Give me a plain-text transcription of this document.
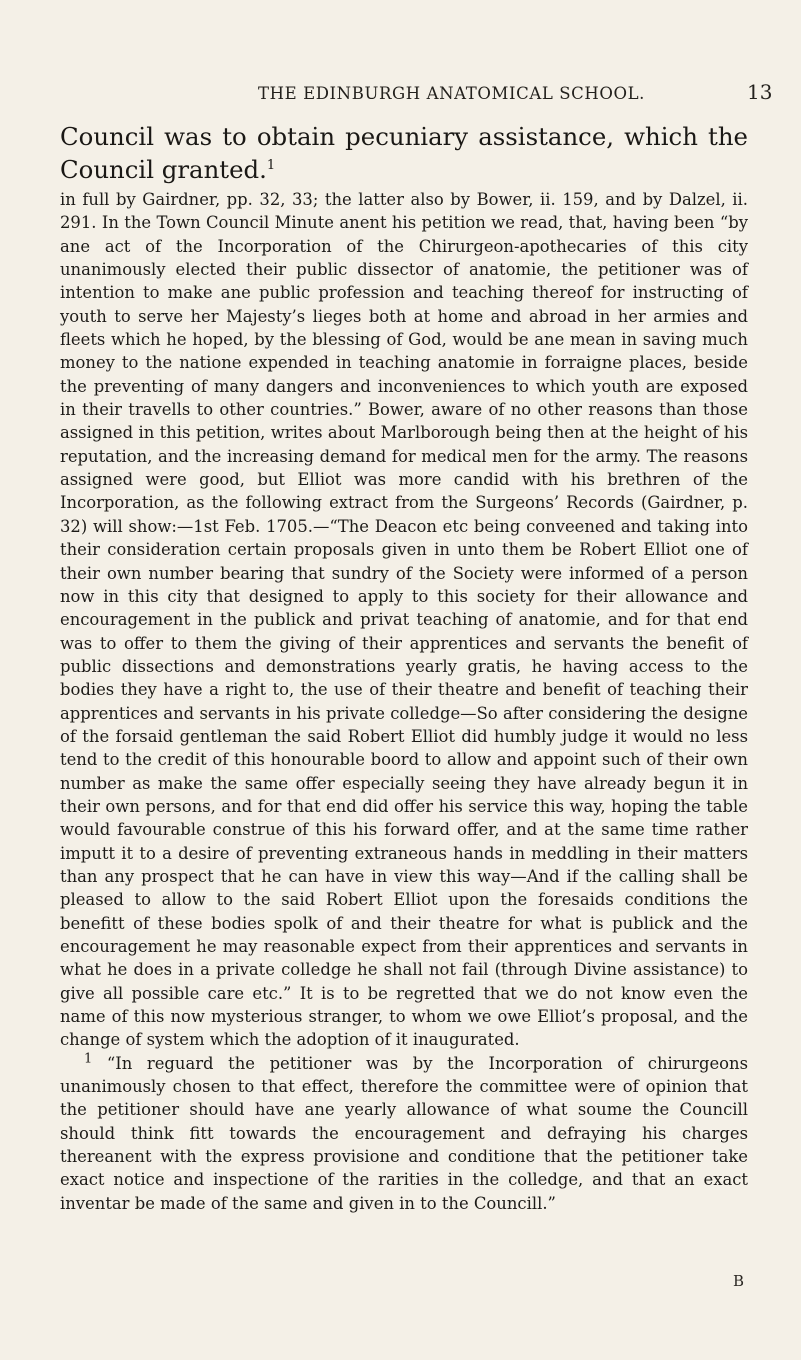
THE EDINBURGH ANATOMICAL SCHOOL.	13

Council was to obtain pecuniary assistance, which the Council granted.$^1$

in full by Gairdner, pp. 32, 33; the latter also by Bower, ii. 159, and by Dalzel, ii. 291. In the Town Council Minute anent his petition we read, that, having been “by ane act of the Incorporation of the Chirurgeon-apothecaries of this city unanimously elected their public dissector of anatomie, the petitioner was of intention to make ane public profession and teaching thereof for instructing of youth to serve her Majesty’s lieges both at home and abroad in her armies and fleets which he hoped, by the blessing of God, would be ane mean in saving much money to the natione expended in teaching anatomie in forraigne places, beside the preventing of many dangers and inconveniences to which youth are exposed in their travells to other countries.” Bower, aware of no other reasons than those assigned in this petition, writes about Marlborough being then at the height of his reputation, and the increasing demand for medical men for the army. The reasons assigned were good, but Elliot was more candid with his brethren of the Incorporation, as the following extract from the Surgeons’ Records (Gairdner, p. 32) will show:—1st Feb. 1705.—“The Deacon etc being conveened and taking into their consideration certain proposals given in unto them be Robert Elliot one of their own number bearing that sundry of the Society were informed of a person now in this city that designed to apply to this society for their allowance and encouragement in the publick and privat teaching of anatomie, and for that end was to offer to them the giving of their apprentices and servants the benefit of public dissections and demonstrations yearly gratis, he having access to the bodies they have a right to, the use of their theatre and benefit of teaching their apprentices and servants in his private colledge—So after considering the designe of the forsaid gentleman the said Robert Elliot did humbly judge it would no less tend to the credit of this honourable boord to allow and appoint such of their own number as make the same offer especially seeing they have already begun it in their own persons, and for that end did offer his service this way, hoping the table would favourable construe of this his forward offer, and at the same time rather imputt it to a desire of preventing extraneous hands in meddling in their matters than any prospect that he can have in view this way—And if the calling shall be pleased to allow to the said Robert Elliot upon the foresaids conditions the benefitt of these bodies spolk of and their theatre for what is publick and the encouragement he may reasonable expect from their apprentices and servants in what he does in a private colledge he shall not fail (through Divine assistance) to give all possible care etc.” It is to be regretted that we do not know even the name of this now mysterious stranger, to whom we owe Elliot’s proposal, and the change of system which the adoption of it inaugurated.

$^1$ “In reguard the petitioner was by the Incorporation of chirurgeons unanimously chosen to that effect, therefore the committee were of opinion that the petitioner should have ane yearly allowance of what soume the Councill should think fitt towards the encouragement and defraying his charges thereanent with the express provisione and conditione that the petitioner take exact notice and inspectione of the rarities in the colledge, and that an exact inventar be made of the same and given in to the Councill.”

B
